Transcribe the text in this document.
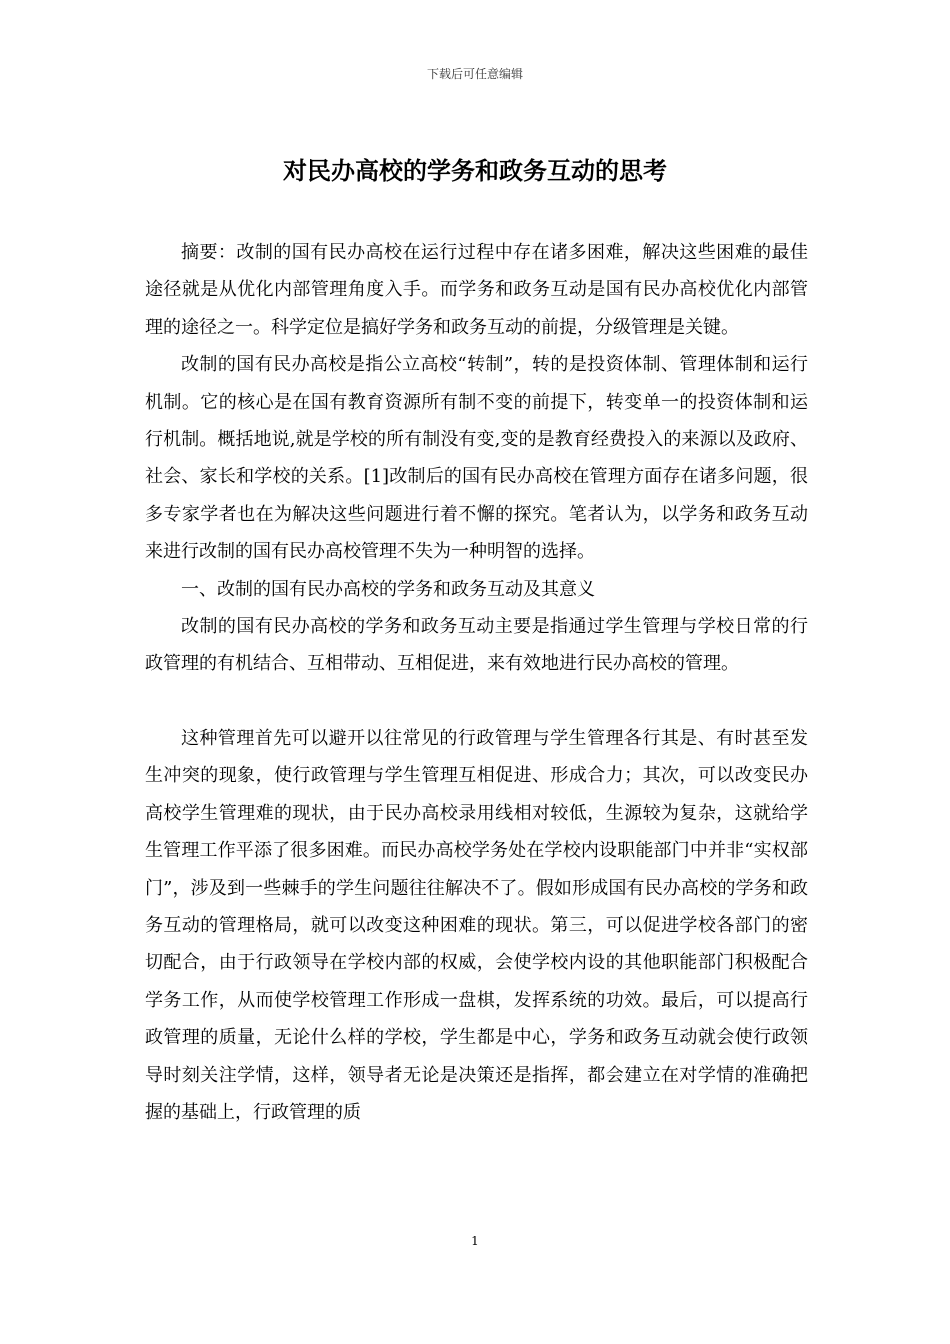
下载后可任意编辑
对民办高校的学务和政务互动的思考

摘要：改制的国有民办高校在运行过程中存在诸多困难，解决这些困难的最佳途径就是从优化内部管理角度入手。而学务和政务互动是国有民办高校优化内部管理的途径之一。科学定位是搞好学务和政务互动的前提，分级管理是关键。

改制的国有民办高校是指公立高校“转制”，转的是投资体制、管理体制和运行机制。它的核心是在国有教育资源所有制不变的前提下，转变单一的投资体制和运行机制。概括地说,就是学校的所有制没有变,变的是教育经费投入的来源以及政府、社会、家长和学校的关系。[1]改制后的国有民办高校在管理方面存在诸多问题，很多专家学者也在为解决这些问题进行着不懈的探究。笔者认为，以学务和政务互动来进行改制的国有民办高校管理不失为一种明智的选择。

一、改制的国有民办高校的学务和政务互动及其意义

改制的国有民办高校的学务和政务互动主要是指通过学生管理与学校日常的行政管理的有机结合、互相带动、互相促进，来有效地进行民办高校的管理。

这种管理首先可以避开以往常见的行政管理与学生管理各行其是、有时甚至发生冲突的现象，使行政管理与学生管理互相促进、形成合力；其次，可以改变民办高校学生管理难的现状，由于民办高校录用线相对较低，生源较为复杂，这就给学生管理工作平添了很多困难。而民办高校学务处在学校内设职能部门中并非“实权部门”，涉及到一些棘手的学生问题往往解决不了。假如形成国有民办高校的学务和政务互动的管理格局，就可以改变这种困难的现状。第三，可以促进学校各部门的密切配合，由于行政领导在学校内部的权威，会使学校内设的其他职能部门积极配合学务工作，从而使学校管理工作形成一盘棋，发挥系统的功效。最后，可以提高行政管理的质量，无论什么样的学校，学生都是中心，学务和政务互动就会使行政领导时刻关注学情，这样，领导者无论是决策还是指挥，都会建立在对学情的准确把握的基础上，行政管理的质

1
